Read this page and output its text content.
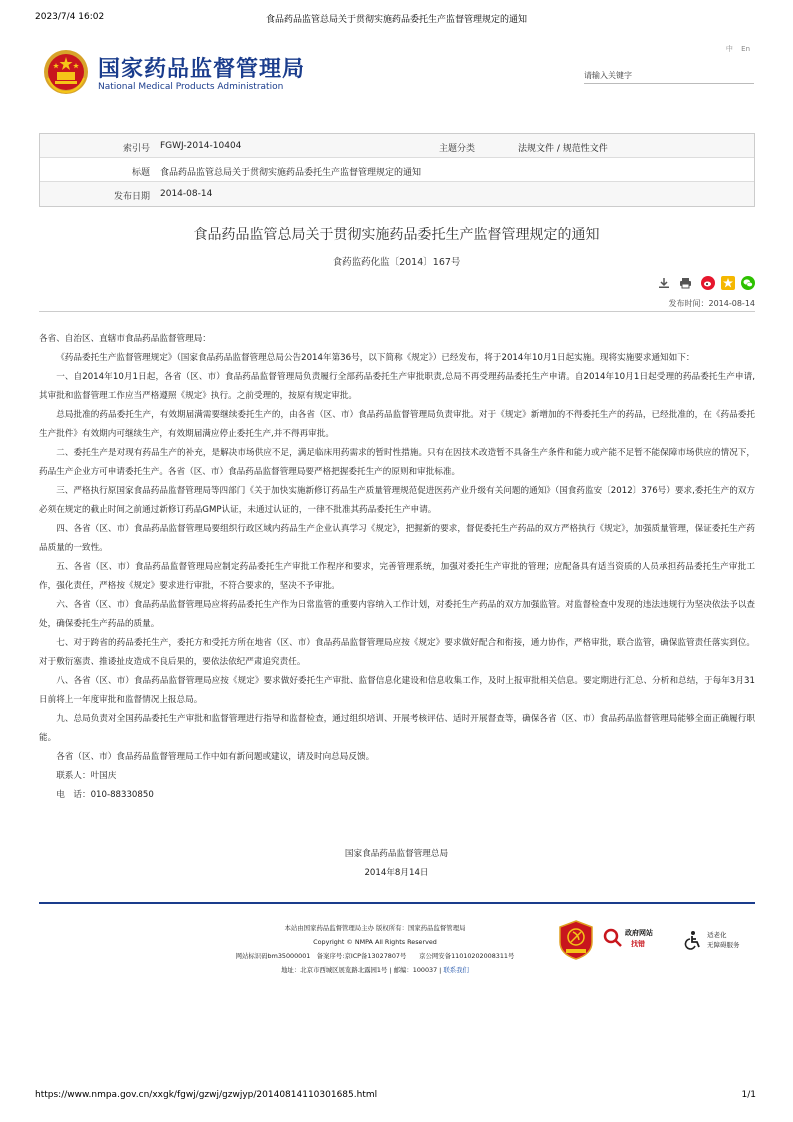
2023/7/4 16:02	食品药品监管总局关于贯彻实施药品委托生产监督管理规定的通知
国家药品监督管理局
National Medical Products Administration
中 En
请输入关键字
索引号 FGWJ-2014-10404	主题分类	法规文件 / 规范性文件
标题 食品药品监管总局关于贯彻实施药品委托生产监督管理规定的通知
发布日期 2014-08-14
食品药品监管总局关于贯彻实施药品委托生产监督管理规定的通知
食药监药化监〔2014〕167号

发布时间：2014-08-14

各省、自治区、直辖市食品药品监督管理局：

《药品委托生产监督管理规定》（国家食品药品监督管理总局公告2014年第36号，以下简称《规定》）已经发布，将于2014年10月1日起实施。现将实施要求通知如下：

一、自2014年10月1日起，各省（区、市）食品药品监督管理局负责履行全部药品委托生产审批职责,总局不再受理药品委托生产申请。自2014年10月1日起受理的药品委托生产申请,其审批和监督管理工作应当严格遵照《规定》执行。之前受理的，按原有规定审批。

总局批准的药品委托生产，有效期届满需要继续委托生产的，由各省（区、市）食品药品监督管理局负责审批。对于《规定》新增加的不得委托生产的药品，已经批准的，在《药品委托生产批件》有效期内可继续生产，有效期届满应停止委托生产,并不得再审批。

二、委托生产是对现有药品生产的补充，是解决市场供应不足，满足临床用药需求的暂时性措施。只有在因技术改造暂不具备生产条件和能力或产能不足暂不能保障市场供应的情况下，药品生产企业方可申请委托生产。各省（区、市）食品药品监督管理局要严格把握委托生产的原则和审批标准。

三、严格执行原国家食品药品监督管理局等四部门《关于加快实施新修订药品生产质量管理规范促进医药产业升级有关问题的通知》（国食药监安〔2012〕376号）要求,委托生产的双方必须在规定的截止时间之前通过新修订药品GMP认证，未通过认证的，一律不批准其药品委托生产申请。

四、各省（区、市）食品药品监督管理局要组织行政区域内药品生产企业认真学习《规定》，把握新的要求，督促委托生产药品的双方严格执行《规定》，加强质量管理，保证委托生产药品质量的一致性。

五、各省（区、市）食品药品监督管理局应制定药品委托生产审批工作程序和要求，完善管理系统，加强对委托生产审批的管理；应配备具有适当资质的人员承担药品委托生产审批工作，强化责任，严格按《规定》要求进行审批，不符合要求的，坚决不予审批。

六、各省（区、市）食品药品监督管理局应将药品委托生产作为日常监管的重要内容纳入工作计划，对委托生产药品的双方加强监管。对监督检查中发现的违法违规行为坚决依法予以查处，确保委托生产药品的质量。

七、对于跨省的药品委托生产，委托方和受托方所在地省（区、市）食品药品监督管理局应按《规定》要求做好配合和衔接，通力协作，严格审批，联合监管，确保监管责任落实到位。对于敷衍塞责、推诿扯皮造成不良后果的，要依法依纪严肃追究责任。

八、各省（区、市）食品药品监督管理局应按《规定》要求做好委托生产审批、监督信息化建设和信息收集工作，及时上报审批相关信息。要定期进行汇总、分析和总结，于每年3月31日前将上一年度审批和监督情况上报总局。

九、总局负责对全国药品委托生产审批和监督管理进行指导和监督检查，通过组织培训、开展考核评估、适时开展督查等，确保各省（区、市）食品药品监督管理局能够全面正确履行职能。

各省（区、市）食品药品监督管理局工作中如有新问题或建议，请及时向总局反馈。

联系人：叶国庆

电　话：010-88330850

国家食品药品监督管理总局
2014年8月14日
本站由国家药品监督管理局主办 版权所有：国家药品监督管理局
Copyright © NMPA All Rights Reserved
网站标识码bm35000001　备案序号:京ICP备13027807号　　京公网安备11010202008311号
地址：北京市西城区展览路北露园1号 | 邮编：100037 | 联系我们
政府网站
找错
适老化
无障碍服务
https://www.nmpa.gov.cn/xxgk/fgwj/gzwj/gzwjyp/20140814110301685.html	1/1
